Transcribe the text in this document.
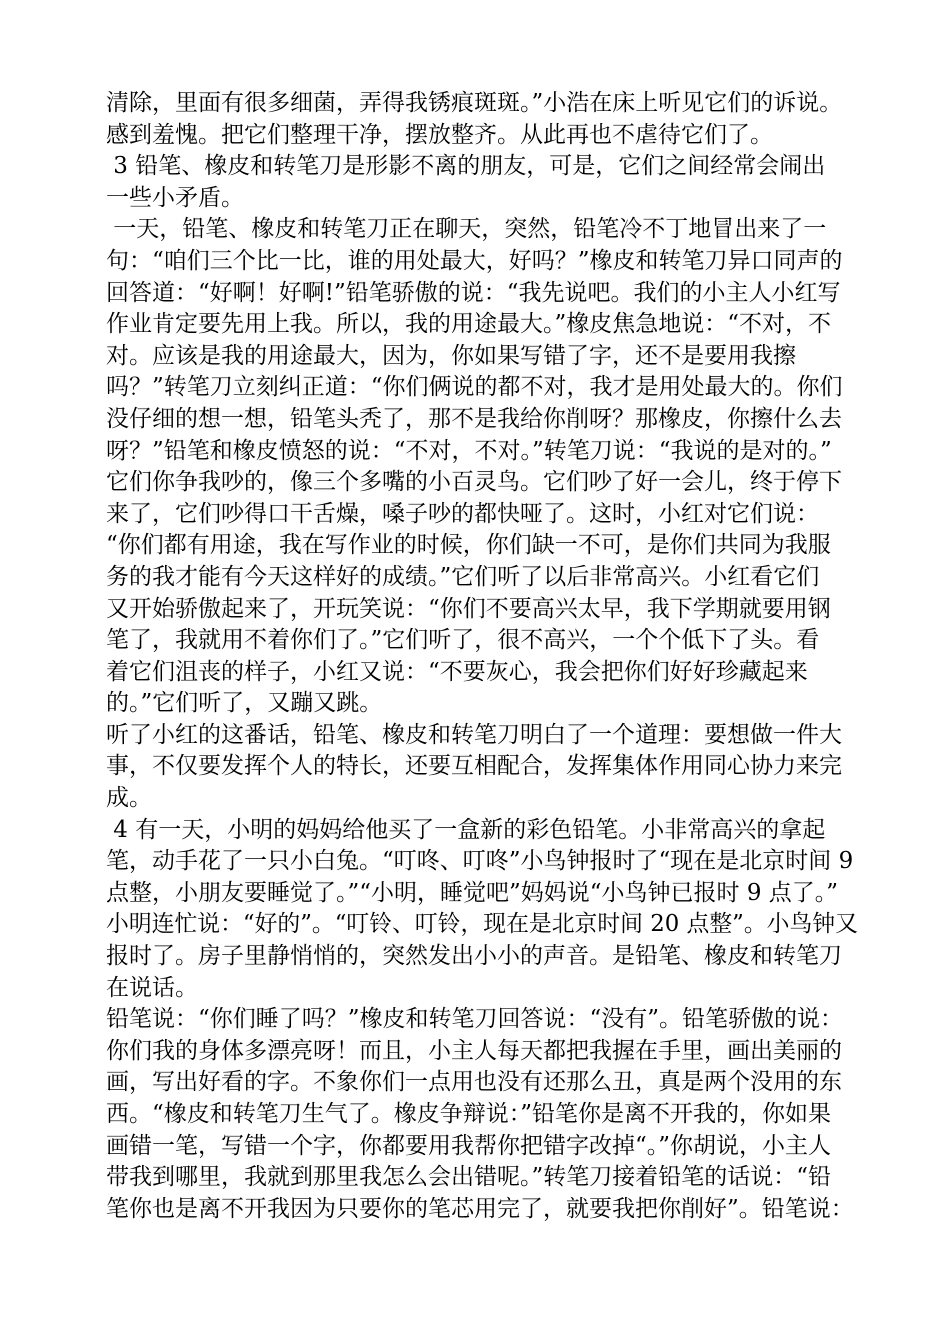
清除，里面有很多细菌，弄得我锈痕斑斑。”小浩在床上听见它们的诉说。
感到羞愧。把它们整理干净，摆放整齐。从此再也不虐待它们了。
3 铅笔、橡皮和转笔刀是形影不离的朋友，可是，它们之间经常会闹出
一些小矛盾。
一天，铅笔、橡皮和转笔刀正在聊天，突然，铅笔冷不丁地冒出来了一
句：“咱们三个比一比，谁的用处最大，好吗？”橡皮和转笔刀异口同声的
回答道：“好啊！好啊!”铅笔骄傲的说：“我先说吧。我们的小主人小红写
作业肯定要先用上我。所以，我的用途最大。”橡皮焦急地说：“不对，不
对。应该是我的用途最大，因为，你如果写错了字，还不是要用我擦
吗？”转笔刀立刻纠正道：“你们俩说的都不对，我才是用处最大的。你们
没仔细的想一想，铅笔头秃了，那不是我给你削呀？那橡皮，你擦什么去
呀？”铅笔和橡皮愤怒的说：“不对，不对。”转笔刀说：“我说的是对的。”
它们你争我吵的，像三个多嘴的小百灵鸟。它们吵了好一会儿，终于停下
来了，它们吵得口干舌燥，嗓子吵的都快哑了。这时，小红对它们说：
“你们都有用途，我在写作业的时候，你们缺一不可，是你们共同为我服
务的我才能有今天这样好的成绩。”它们听了以后非常高兴。小红看它们
又开始骄傲起来了，开玩笑说：“你们不要高兴太早，我下学期就要用钢
笔了，我就用不着你们了。”它们听了，很不高兴，一个个低下了头。看
着它们沮丧的样子，小红又说：“不要灰心，我会把你们好好珍藏起来
的。”它们听了，又蹦又跳。
听了小红的这番话，铅笔、橡皮和转笔刀明白了一个道理：要想做一件大
事，不仅要发挥个人的特长，还要互相配合，发挥集体作用同心协力来完
成。
4 有一天，小明的妈妈给他买了一盒新的彩色铅笔。小非常高兴的拿起
笔，动手花了一只小白兔。“叮咚、叮咚”小鸟钟报时了“现在是北京时间 9
点整，小朋友要睡觉了。”“小明，睡觉吧”妈妈说“小鸟钟已报时 9 点了。”
小明连忙说：“好的”。“叮铃、叮铃，现在是北京时间 20 点整”。小鸟钟又
报时了。房子里静悄悄的，突然发出小小的声音。是铅笔、橡皮和转笔刀
在说话。
铅笔说：“你们睡了吗？”橡皮和转笔刀回答说：“没有”。铅笔骄傲的说：
你们我的身体多漂亮呀！而且，小主人每天都把我握在手里，画出美丽的
画，写出好看的字。不象你们一点用也没有还那么丑，真是两个没用的东
西。“橡皮和转笔刀生气了。橡皮争辩说：”铅笔你是离不开我的，你如果
画错一笔，写错一个字，你都要用我帮你把错字改掉“。”你胡说，小主人
带我到哪里，我就到那里我怎么会出错呢。”转笔刀接着铅笔的话说：“铅
笔你也是离不开我因为只要你的笔芯用完了，就要我把你削好”。铅笔说：
